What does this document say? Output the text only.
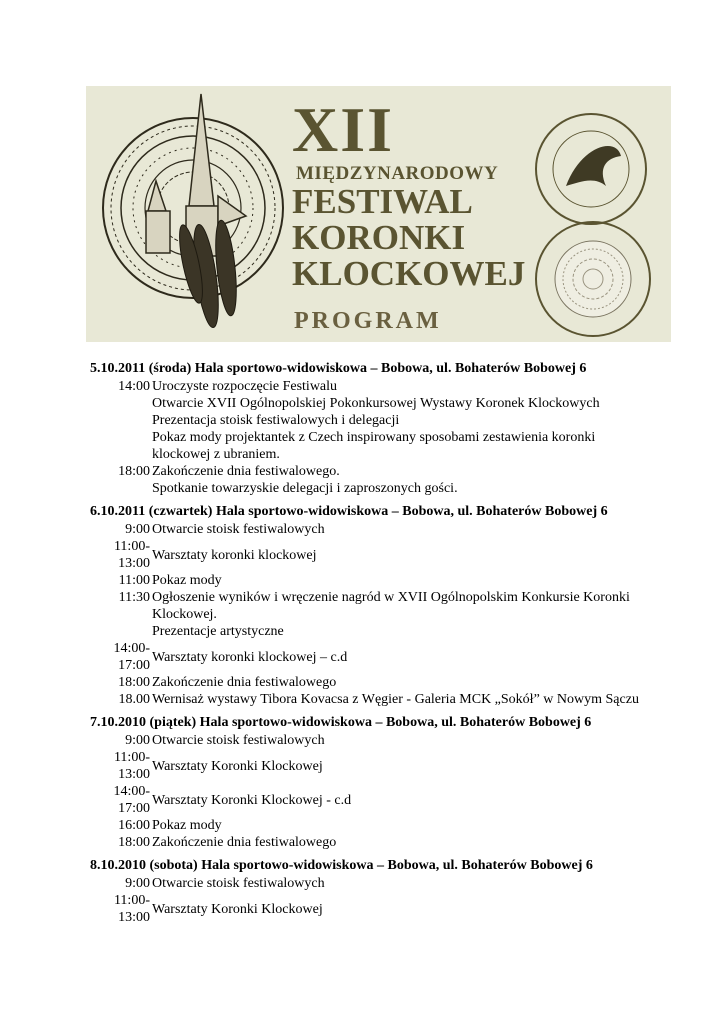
XII
MIĘDZYNARODOWY
FESTIWAL
KORONKI
KLOCKOWEJ
PROGRAM
5.10.2011 (środa) Hala sportowo-widowiskowa – Bobowa, ul. Bohaterów Bobowej 6
14:00 Uroczyste rozpoczęcie Festiwalu
Otwarcie XVII Ogólnopolskiej Pokonkursowej Wystawy Koronek Klockowych
Prezentacja stoisk festiwalowych i delegacji
Pokaz mody projektantek z Czech inspirowany sposobami zestawienia koronki
klockowej z ubraniem.
18:00 Zakończenie dnia festiwalowego.
Spotkanie towarzyskie delegacji i zaproszonych gości.
6.10.2011 (czwartek) Hala sportowo-widowiskowa – Bobowa, ul. Bohaterów Bobowej 6
9:00 Otwarcie stoisk festiwalowych
11:00-
13:00
Warsztaty koronki klockowej
11:00 Pokaz mody
11:30 Ogłoszenie wyników i wręczenie nagród w XVII Ogólnopolskim Konkursie Koronki
Klockowej.
Prezentacje artystyczne
14:00-
17:00
Warsztaty koronki klockowej – c.d
18:00 Zakończenie dnia festiwalowego
18.00 Wernisaż wystawy Tibora Kovacsa z Węgier - Galeria MCK „Sokół” w Nowym Sączu
7.10.2010 (piątek) Hala sportowo-widowiskowa – Bobowa, ul. Bohaterów Bobowej 6
9:00 Otwarcie stoisk festiwalowych
11:00-
13:00
Warsztaty Koronki Klockowej
14:00-
17:00
Warsztaty Koronki Klockowej - c.d
16:00 Pokaz mody
18:00 Zakończenie dnia festiwalowego
8.10.2010 (sobota) Hala sportowo-widowiskowa – Bobowa, ul. Bohaterów Bobowej 6
9:00 Otwarcie stoisk festiwalowych
11:00-
13:00
Warsztaty Koronki Klockowej
